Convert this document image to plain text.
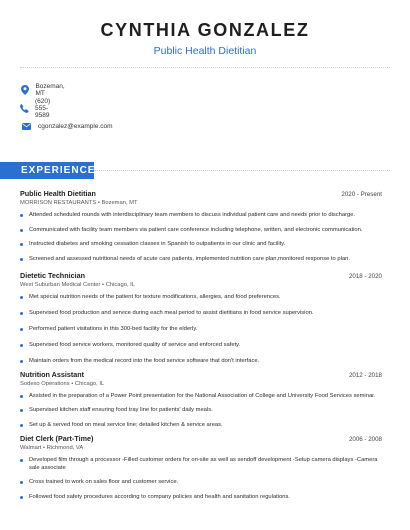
CYNTHIA GONZALEZ
Public Health Dietitian
Bozeman, MT
(620) 555-9589
cgonzalez@example.com
EXPERIENCE
Public Health Dietitian	2020 - Present
MORRISON RESTAURANTS • Bozeman, MT
Attended scheduled rounds with interdisciplinary team members to discuss individual patient care and needs prior to discharge.
Communicated with facility team members via patient care conference including telephone, written, and electronic communication.
Instructed diabetes and smoking cessation classes in Spanish to outpatients in our clinic and facility.
Screened and assessed nutritional needs of acute care patients, implemented nutrition care plan,monitored response to plan.
Dietetic Technician	2018 - 2020
West Suburban Medical Center • Chicago, IL
Met special nutrition needs of the patient for texture modifications, allergies, and food preferences.
Supervised food production and service during each meal period to assist dietitians in food service supervision.
Performed patient visitations in this 300-bed facility for the elderly.
Supervised food service workers, monitored quality of service and enforced safety.
Maintain orders from the medical record into the food service software that don't interface.
Nutrition Assistant	2012 - 2018
Sodexo Operations • Chicago, IL
Assisted in the preparation of a Power Point presentation for the National Association of College and University Food Services seminar.
Supervised kitchen staff ensuring food tray line for patients' daily meals.
Set up & served food on meal service line; detailed kitchen & service areas.
Diet Clerk (Part-Time)	2006 - 2008
Walmart • Richmond, VA
Developed film through a processor -Filled customer orders for on-site as well as sendoff development -Setup camera displays -Camera sale associate
Cross trained to work on sales floor and customer service.
Followed food safety procedures according to company policies and health and sanitation regulations.
